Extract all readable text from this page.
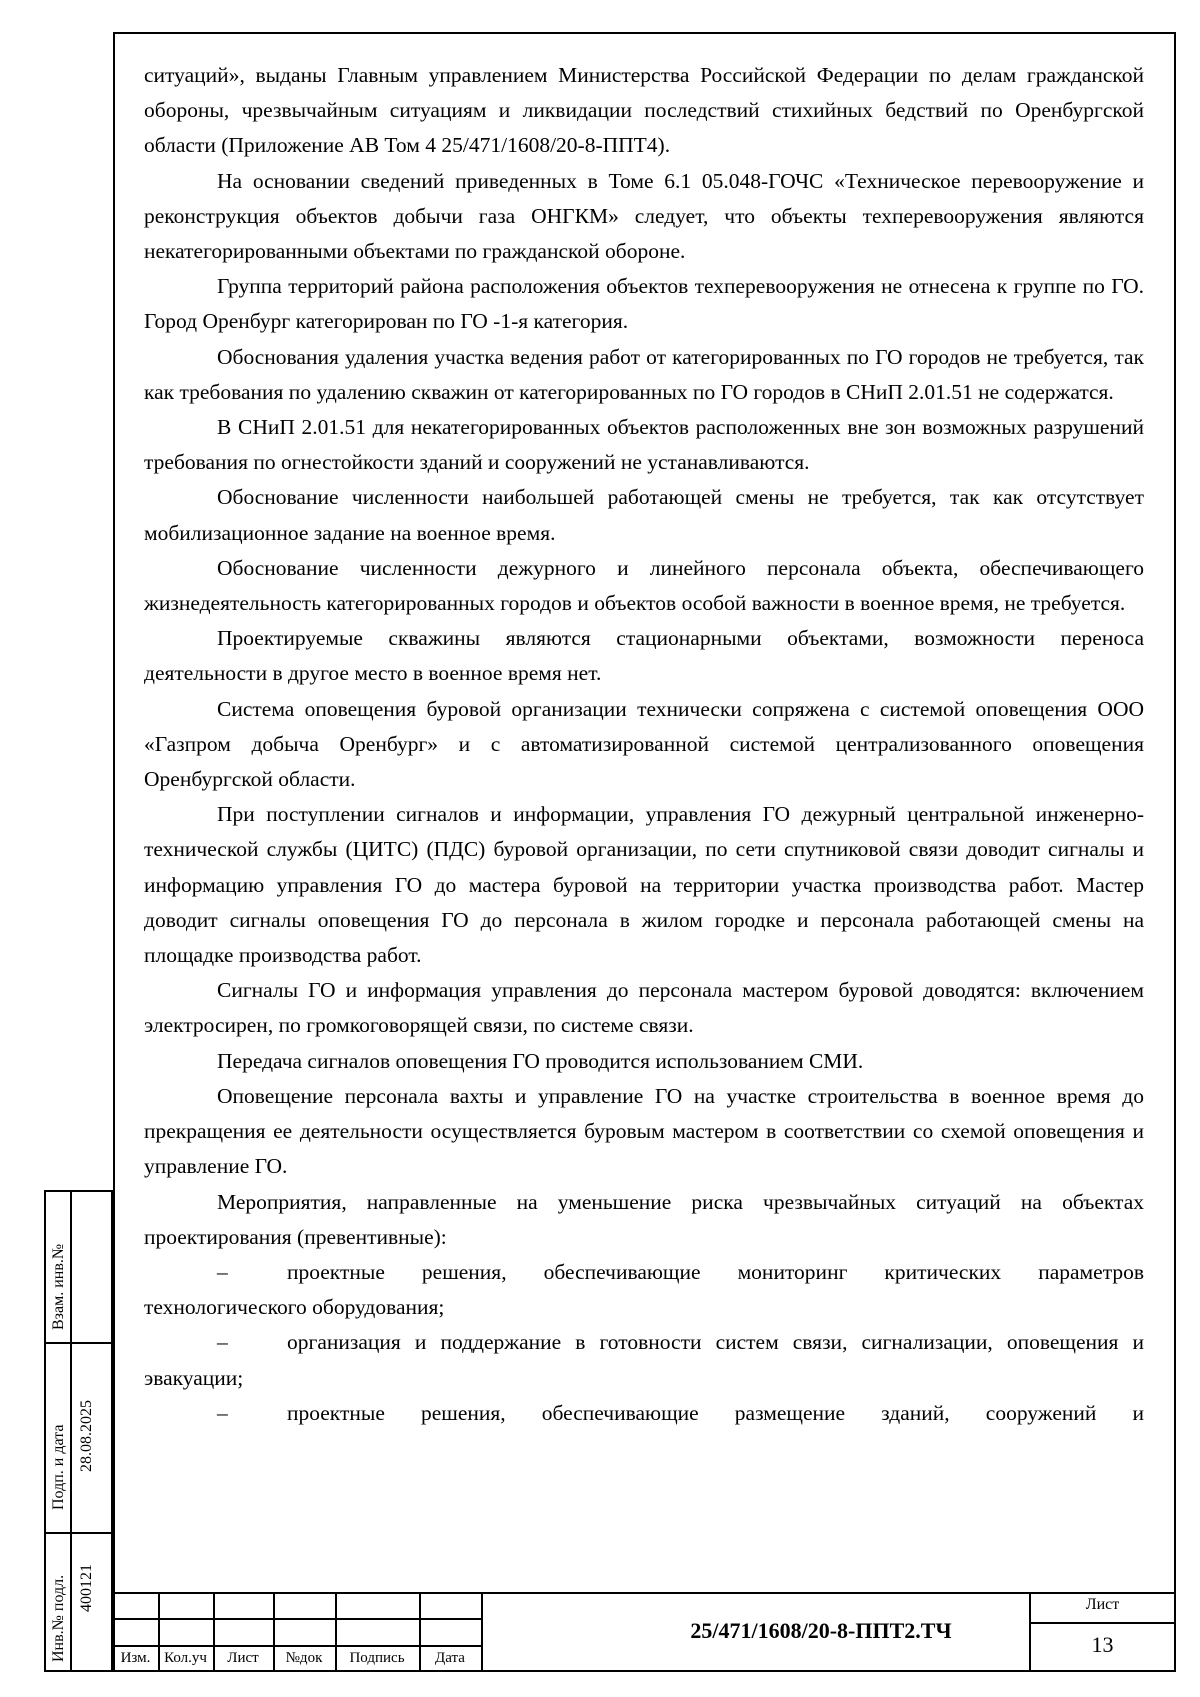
ситуаций», выданы Главным управлением Министерства Российской Федерации по делам гражданской обороны, чрезвычайным ситуациям и ликвидации последствий стихийных бедствий по Оренбургской области (Приложение АВ Том 4 25/471/1608/20-8-ППТ4).

На основании сведений приведенных в Томе 6.1 05.048-ГОЧС «Техническое перевооружение и реконструкция объектов добычи газа ОНГКМ» следует, что объекты техперевооружения являются некатегорированными объектами по гражданской обороне.

Группа территорий района расположения объектов техперевооружения не отнесена к группе по ГО. Город Оренбург категорирован по ГО -1-я категория.

Обоснования удаления участка ведения работ от категорированных по ГО городов не требуется, так как требования по удалению скважин от категорированных по ГО городов в СНиП 2.01.51 не содержатся.

В СНиП 2.01.51 для некатегорированных объектов расположенных вне зон возможных разрушений требования по огнестойкости зданий и сооружений не устанавливаются.

Обоснование численности наибольшей работающей смены не требуется, так как отсутствует мобилизационное задание на военное время.

Обоснование численности дежурного и линейного персонала объекта, обеспечивающего жизнедеятельность категорированных городов и объектов особой важности в военное время, не требуется.

Проектируемые скважины являются стационарными объектами, возможности переноса деятельности в другое место в военное время нет.

Система оповещения буровой организации технически сопряжена с системой оповещения ООО «Газпром добыча Оренбург» и с автоматизированной системой централизованного оповещения Оренбургской области.

При поступлении сигналов и информации, управления ГО дежурный центральной инженерно-технической службы (ЦИТС) (ПДС) буровой организации, по сети спутниковой связи доводит сигналы и информацию управления ГО до мастера буровой на территории участка производства работ. Мастер доводит сигналы оповещения ГО до персонала в жилом городке и персонала работающей смены на площадке производства работ.

Сигналы ГО и информация управления до персонала мастером буровой доводятся: включением электросирен, по громкоговорящей связи, по системе связи.

Передача сигналов оповещения ГО проводится использованием СМИ.

Оповещение персонала вахты и управление ГО на участке строительства в военное время до прекращения ее деятельности осуществляется буровым мастером в соответствии со схемой оповещения и управление ГО.

Мероприятия, направленные на уменьшение риска чрезвычайных ситуаций на объектах проектирования (превентивные):

–	проектные решения, обеспечивающие мониторинг критических параметров технологического оборудования;

–	организация и поддержание в готовности систем связи, сигнализации, оповещения и эвакуации;

–	проектные решения, обеспечивающие размещение зданий, сооружений и

Изм. Кол.уч	Лист	№док	Подпись	Дата
25/471/1608/20-8-ППТ2.ТЧ
Лист
13
Взам. инв.№
Подп. и дата 28.08.2025
Инв.№ подл. 400121
